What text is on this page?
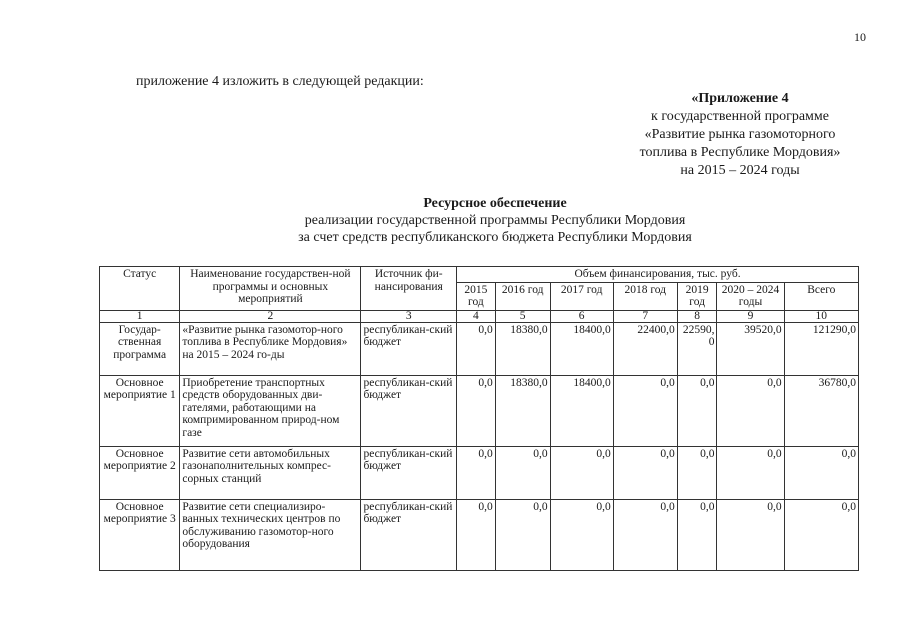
10
приложение 4 изложить в следующей редакции:
«Приложение 4
к государственной программе
«Развитие рынка газомоторного
топлива в Республике Мордовия»
на 2015 – 2024 годы
Ресурсное обеспечение
реализации государственной программы Республики Мордовия
за счет средств республиканского бюджета Республики Мордовия
Статус	Наименование государствен-ной программы и основных мероприятий	Источник фи-нансирования	Объем финансирования, тыс. руб.						
			2015 год	2016 год	2017 год	2018 год	2019 год	2020 – 2024 годы	Всего
1	2	3	4	5	6	7	8	9	10
Государ-ственная программа	«Развитие рынка газомотор-ного топлива в Республике Мордовия» на 2015 – 2024 го-ды	республикан-ский бюджет	0,0	18380,0	18400,0	22400,0	22590,0	39520,0	121290,0
Основное мероприятие 1	Приобретение транспортных средств оборудованных дви-гателями, работающими на компримированном природ-ном газе	республикан-ский бюджет	0,0	18380,0	18400,0	0,0	0,0	0,0	36780,0
Основное мероприятие 2	Развитие сети автомобильных газонаполнительных компрес-сорных станций	республикан-ский бюджет	0,0	0,0	0,0	0,0	0,0	0,0	0,0
Основное мероприятие 3	Развитие сети специализиро-ванных технических центров по обслуживанию газомотор-ного оборудования	республикан-ский бюджет	0,0	0,0	0,0	0,0	0,0	0,0	0,0
